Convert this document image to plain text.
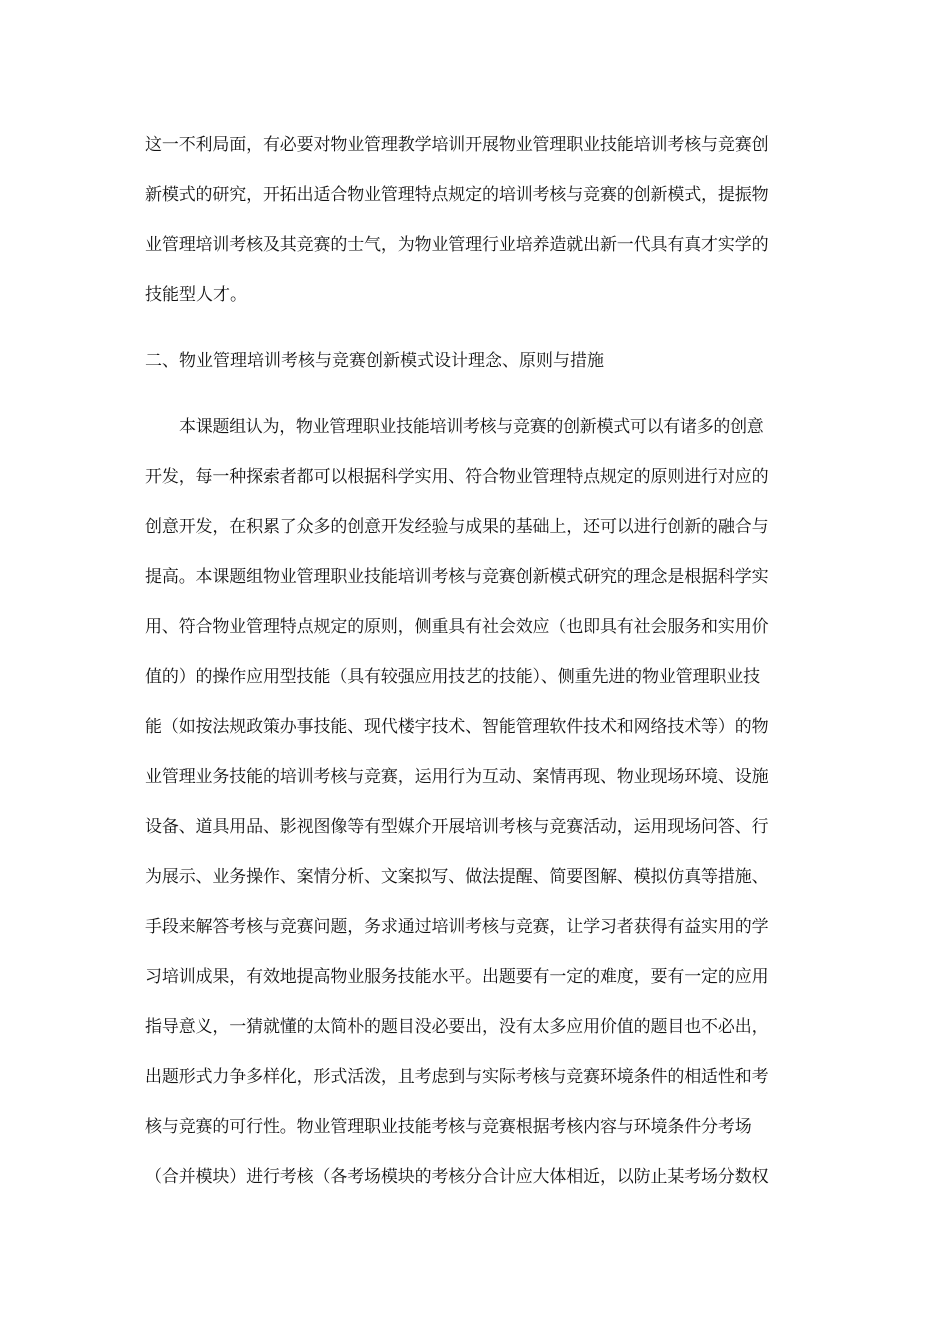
这一不利局面，有必要对物业管理教学培训开展物业管理职业技能培训考核与竞赛创
新模式的研究，开拓出适合物业管理特点规定的培训考核与竞赛的创新模式，提振物
业管理培训考核及其竞赛的士气，为物业管理行业培养造就出新一代具有真才实学的
技能型人才。
二、物业管理培训考核与竞赛创新模式设计理念、原则与措施
本课题组认为，物业管理职业技能培训考核与竞赛的创新模式可以有诸多的创意
开发，每一种探索者都可以根据科学实用、符合物业管理特点规定的原则进行对应的
创意开发，在积累了众多的创意开发经验与成果的基础上，还可以进行创新的融合与
提高。本课题组物业管理职业技能培训考核与竞赛创新模式研究的理念是根据科学实
用、符合物业管理特点规定的原则，侧重具有社会效应（也即具有社会服务和实用价
值的）的操作应用型技能（具有较强应用技艺的技能）、侧重先进的物业管理职业技
能（如按法规政策办事技能、现代楼宇技术、智能管理软件技术和网络技术等）的物
业管理业务技能的培训考核与竞赛，运用行为互动、案情再现、物业现场环境、设施
设备、道具用品、影视图像等有型媒介开展培训考核与竞赛活动，运用现场问答、行
为展示、业务操作、案情分析、文案拟写、做法提醒、简要图解、模拟仿真等措施、
手段来解答考核与竞赛问题，务求通过培训考核与竞赛，让学习者获得有益实用的学
习培训成果，有效地提高物业服务技能水平。出题要有一定的难度，要有一定的应用
指导意义，一猜就懂的太简朴的题目没必要出，没有太多应用价值的题目也不必出，
出题形式力争多样化，形式活泼，且考虑到与实际考核与竞赛环境条件的相适性和考
核与竞赛的可行性。物业管理职业技能考核与竞赛根据考核内容与环境条件分考场
（合并模块）进行考核（各考场模块的考核分合计应大体相近，以防止某考场分数权
